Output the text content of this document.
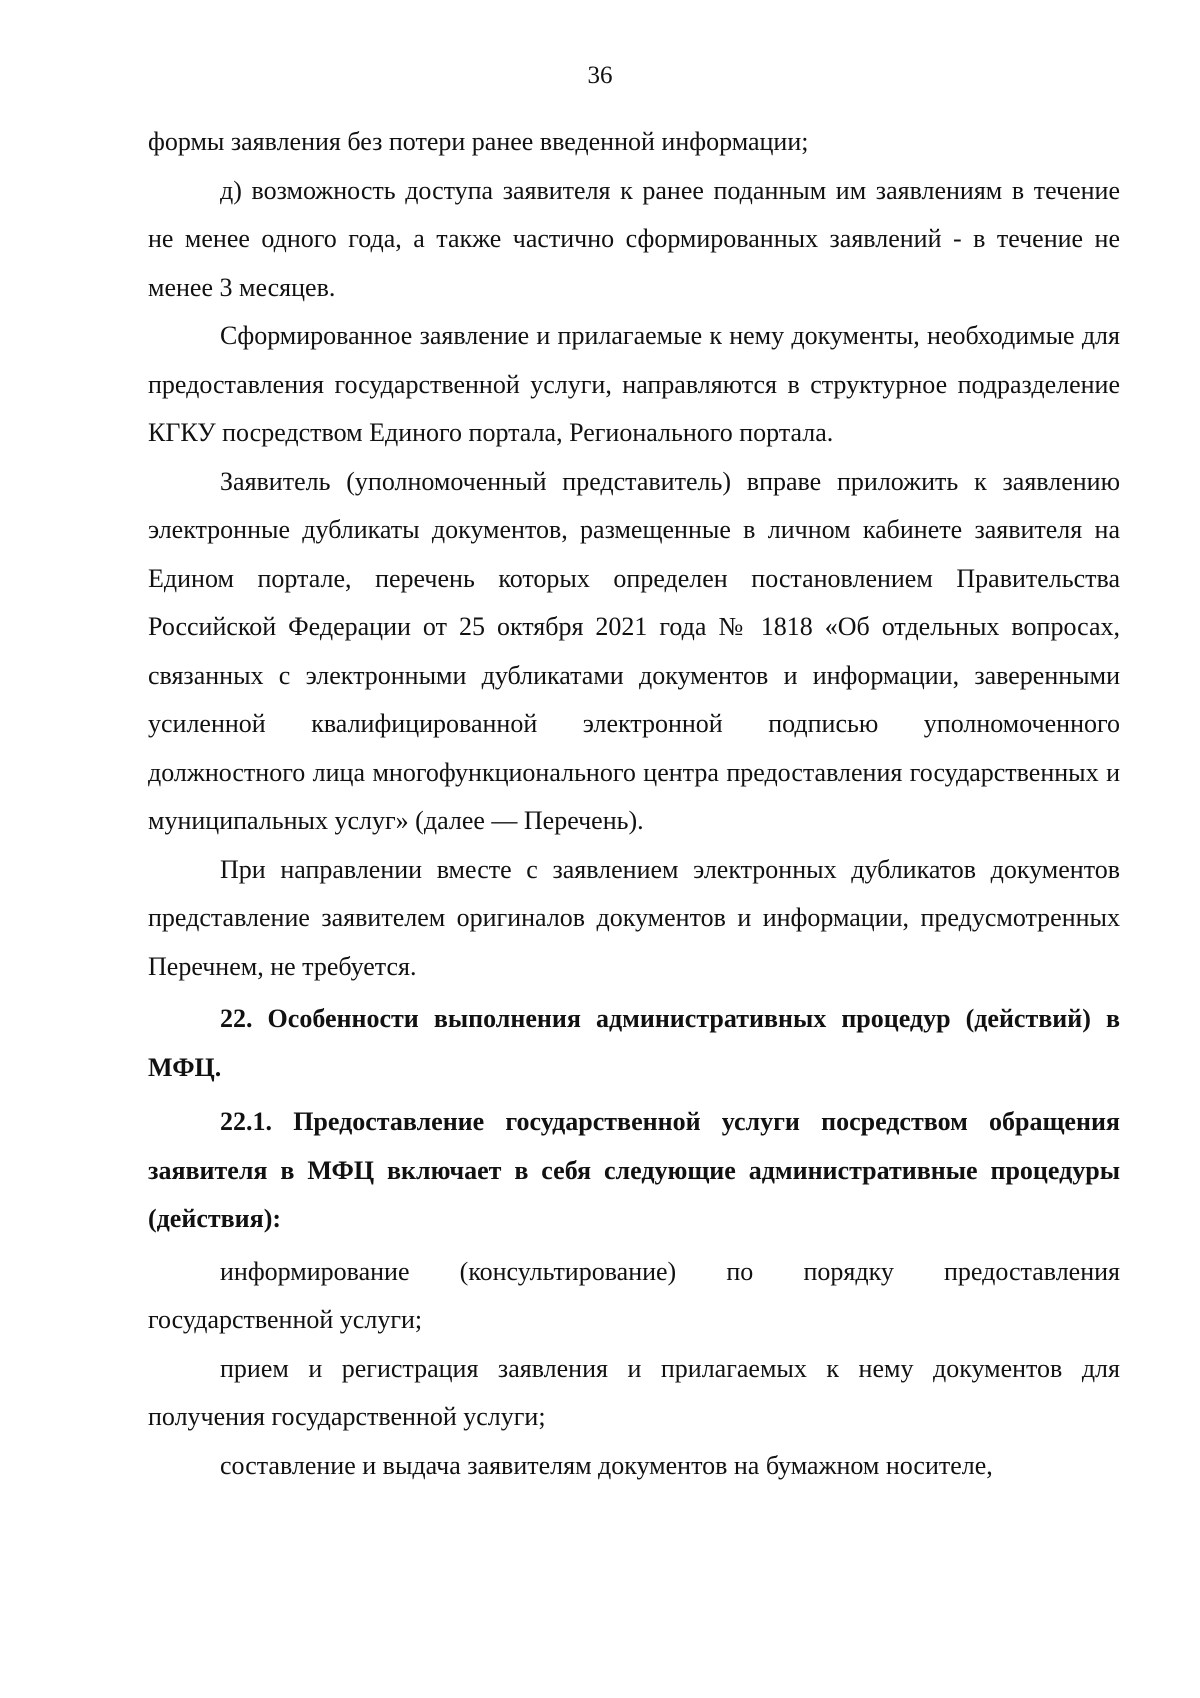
36

формы заявления без потери ранее введенной информации;

д) возможность доступа заявителя к ранее поданным им заявлениям в течение не менее одного года, а также частично сформированных заявлений - в течение не менее 3 месяцев.

Сформированное заявление и прилагаемые к нему документы, необходимые для предоставления государственной услуги, направляются в структурное подразделение КГКУ посредством Единого портала, Регионального портала.

Заявитель (уполномоченный представитель) вправе приложить к заявлению электронные дубликаты документов, размещенные в личном кабинете заявителя на Едином портале, перечень которых определен постановлением Правительства Российской Федерации от 25 октября 2021 года № 1818 «Об отдельных вопросах, связанных с электронными дубликатами документов и информации, заверенными усиленной квалифицированной электронной подписью уполномоченного должностного лица многофункционального центра предоставления государственных и муниципальных услуг» (далее — Перечень).

При направлении вместе с заявлением электронных дубликатов документов представление заявителем оригиналов документов и информации, предусмотренных Перечнем, не требуется.

22. Особенности выполнения административных процедур (действий) в МФЦ.

22.1. Предоставление государственной услуги посредством обращения заявителя в МФЦ включает в себя следующие административные процедуры (действия):

информирование (консультирование) по порядку предоставления государственной услуги;

прием и регистрация заявления и прилагаемых к нему документов для получения государственной услуги;

составление и выдача заявителям документов на бумажном носителе,
